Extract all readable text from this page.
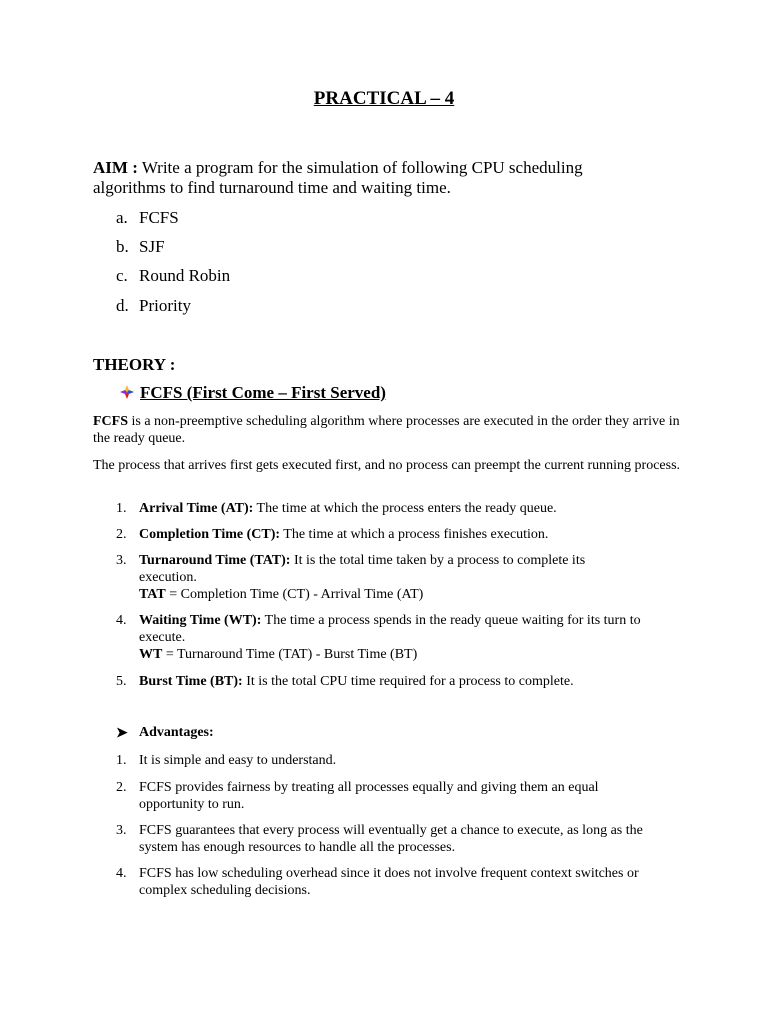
PRACTICAL – 4
AIM : Write a program for the simulation of following CPU scheduling algorithms to find turnaround time and waiting time.
a. FCFS
b. SJF
c. Round Robin
d. Priority
THEORY :
FCFS (First Come – First Served)
FCFS is a non-preemptive scheduling algorithm where processes are executed in the order they arrive in the ready queue.
The process that arrives first gets executed first, and no process can preempt the current running process.
1. Arrival Time (AT): The time at which the process enters the ready queue.
2. Completion Time (CT): The time at which a process finishes execution.
3. Turnaround Time (TAT): It is the total time taken by a process to complete its execution.
TAT = Completion Time (CT) - Arrival Time (AT)
4. Waiting Time (WT): The time a process spends in the ready queue waiting for its turn to execute.
WT = Turnaround Time (TAT) - Burst Time (BT)
5. Burst Time (BT): It is the total CPU time required for a process to complete.
➤ Advantages:
1. It is simple and easy to understand.
2. FCFS provides fairness by treating all processes equally and giving them an equal opportunity to run.
3. FCFS guarantees that every process will eventually get a chance to execute, as long as the system has enough resources to handle all the processes.
4. FCFS has low scheduling overhead since it does not involve frequent context switches or complex scheduling decisions.
